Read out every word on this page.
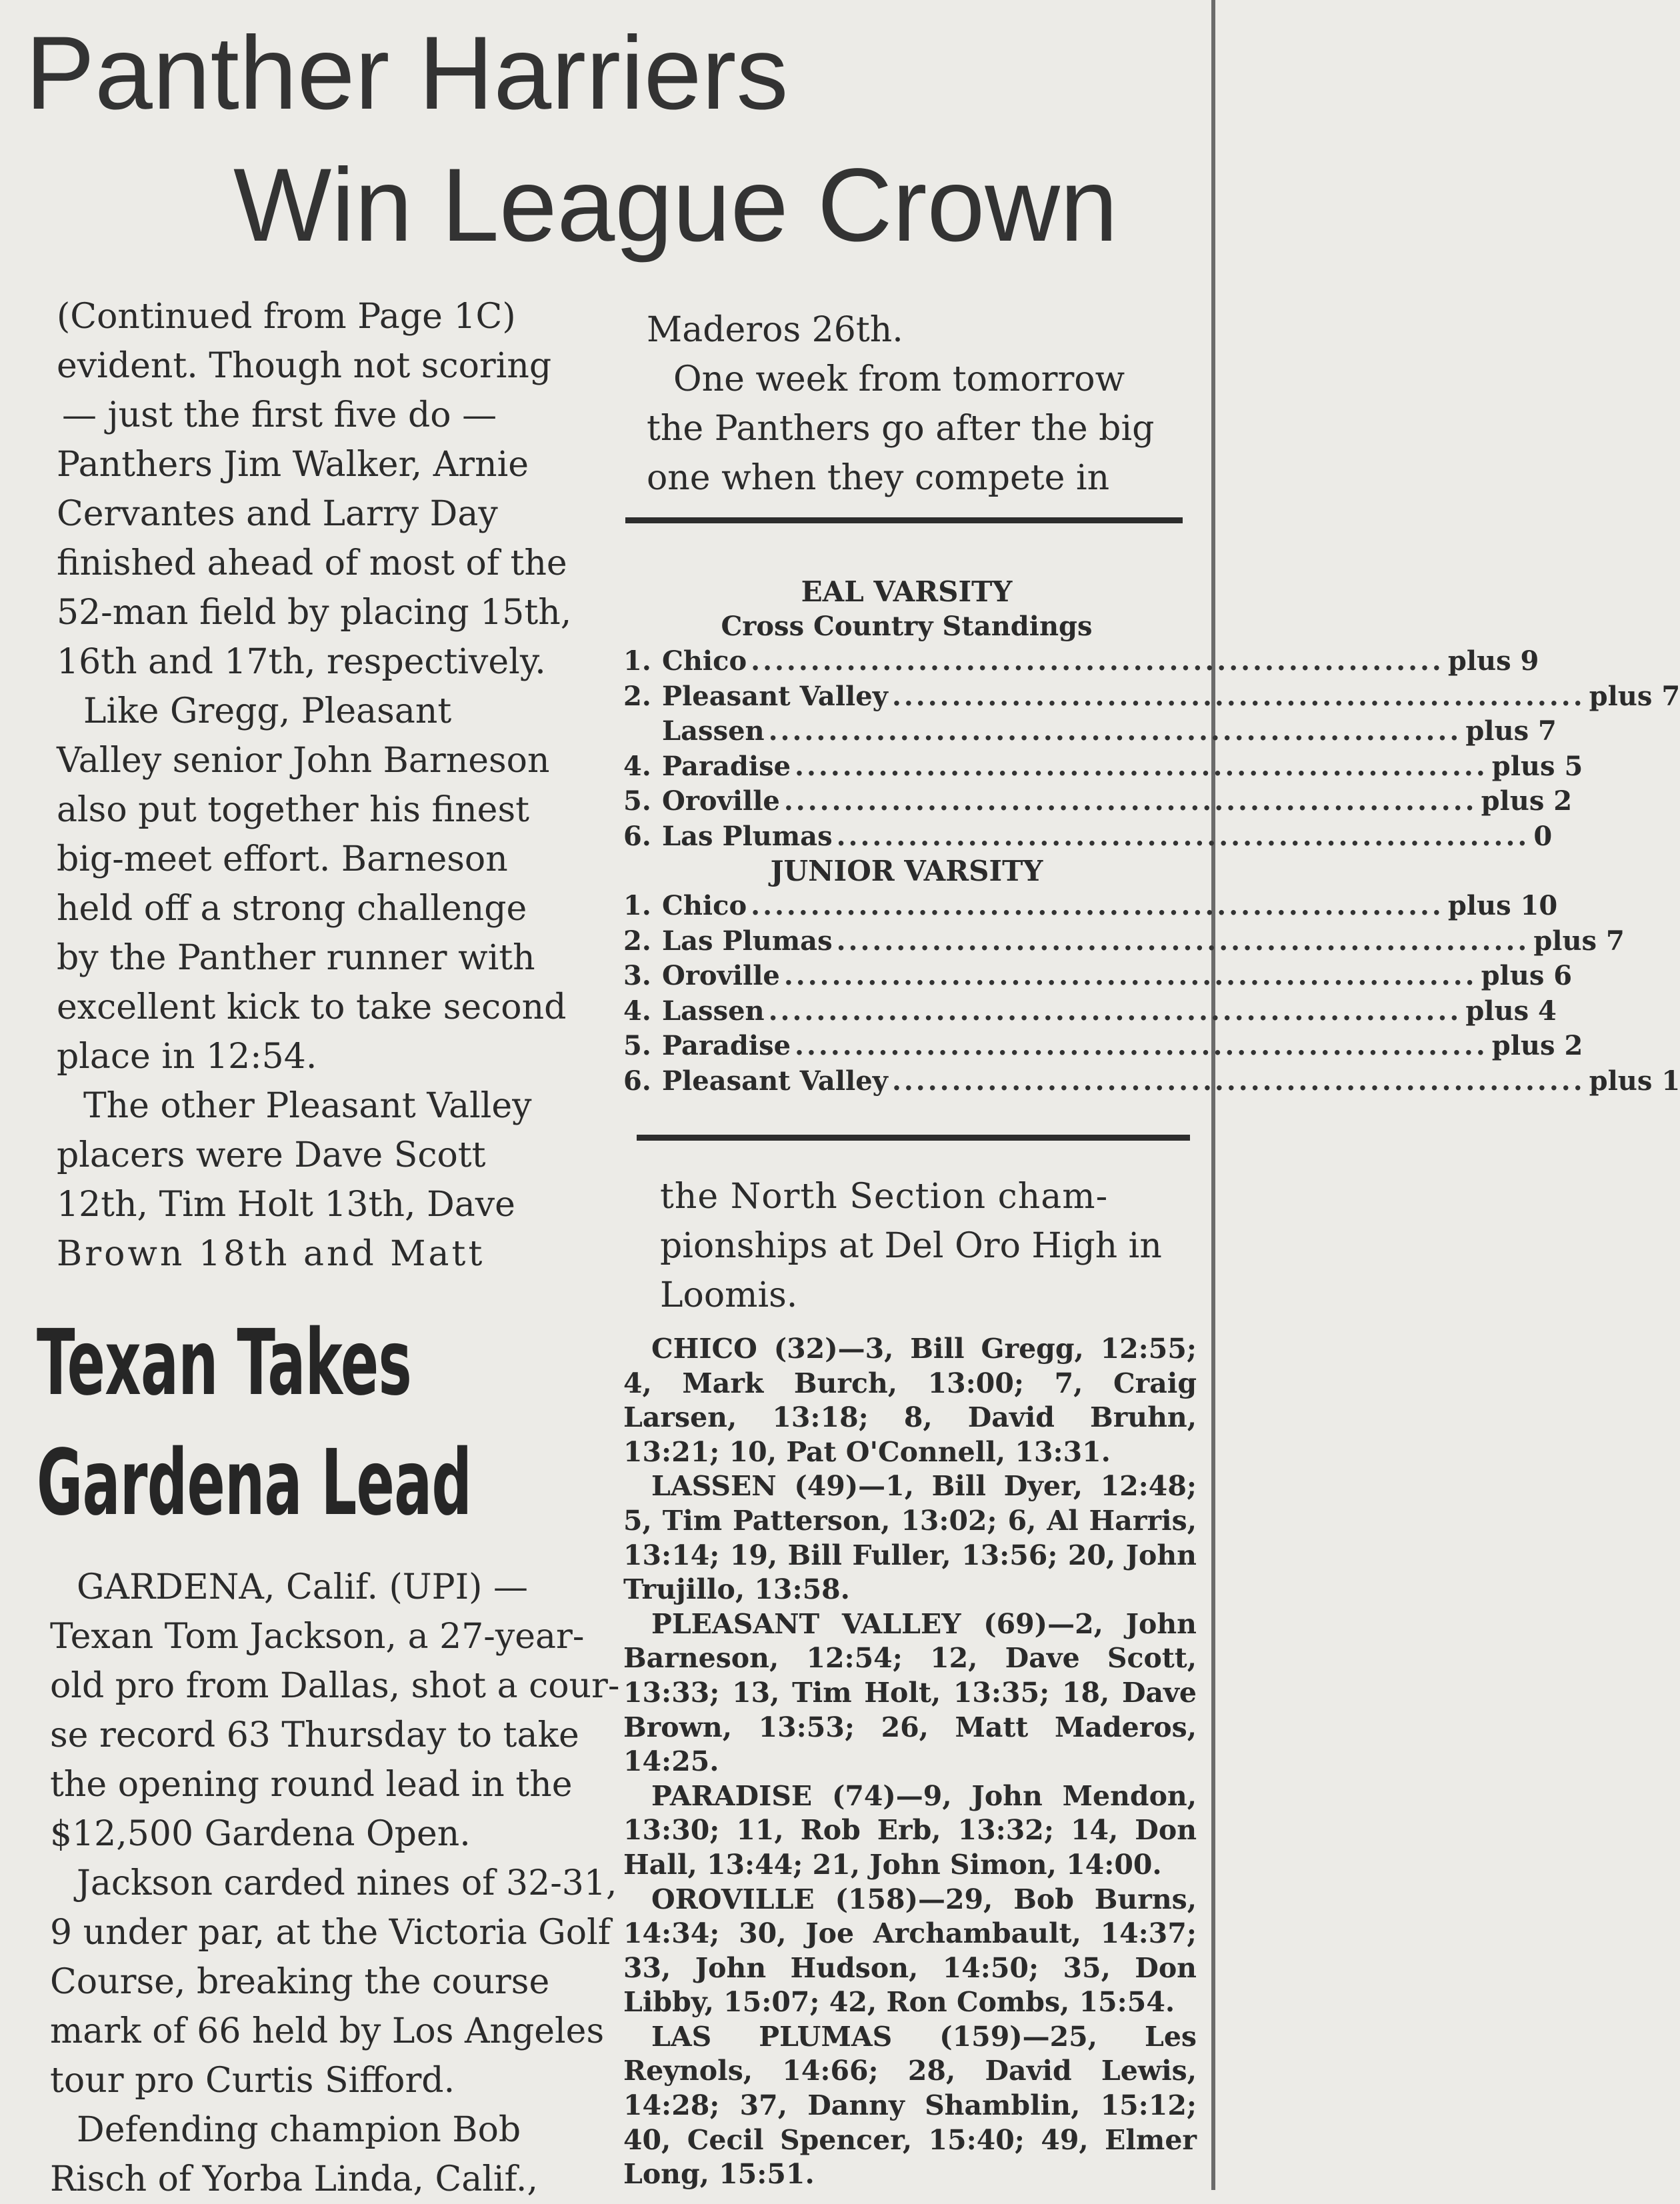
Panther Harriers
Win League Crown

(Continued from Page 1C)

evident. Though not scoring

— just the first five do —

Panthers Jim Walker, Arnie

Cervantes and Larry Day

finished ahead of most of the

52-man field by placing 15th,

16th and 17th, respectively.

Like Gregg, Pleasant

Valley senior John Barneson

also put together his finest

big-meet effort. Barneson

held off a strong challenge

by the Panther runner with

excellent kick to take second

place in 12:54.

The other Pleasant Valley

placers were Dave Scott

12th, Tim Holt 13th, Dave

Brown 18th and Matt

Maderos 26th.

One week from tomorrow

the Panthers go after the big

one when they compete in

EAL VARSITY
Cross Country Standings
1. Chico .......................................................... plus 9
2. Pleasant Valley .......................................................... plus 7
Lassen .......................................................... plus 7
4. Paradise .......................................................... plus 5
5. Oroville .......................................................... plus 2
6. Las Plumas .......................................................... 0
JUNIOR VARSITY
1. Chico .......................................................... plus 10
2. Las Plumas .......................................................... plus 7
3. Oroville .......................................................... plus 6
4. Lassen .......................................................... plus 4
5. Paradise .......................................................... plus 2
6. Pleasant Valley .......................................................... plus 1

the North Section cham-

pionships at Del Oro High in

Loomis.

CHICO (32)—3, Bill Gregg, 12:55; 4, Mark Burch, 13:00; 7, Craig Larsen, 13:18; 8, David Bruhn, 13:21; 10, Pat O'Connell, 13:31.

LASSEN (49)—1, Bill Dyer, 12:48; 5, Tim Patterson, 13:02; 6, Al Harris, 13:14; 19, Bill Fuller, 13:56; 20, John Trujillo, 13:58.

PLEASANT VALLEY (69)—2, John Barneson, 12:54; 12, Dave Scott, 13:33; 13, Tim Holt, 13:35; 18, Dave Brown, 13:53; 26, Matt Maderos, 14:25.

PARADISE (74)—9, John Mendon, 13:30; 11, Rob Erb, 13:32; 14, Don Hall, 13:44; 21, John Simon, 14:00.

OROVILLE (158)—29, Bob Burns, 14:34; 30, Joe Archambault, 14:37; 33, John Hudson, 14:50; 35, Don Libby, 15:07; 42, Ron Combs, 15:54.

LAS PLUMAS (159)—25, Les Reynols, 14:66; 28, David Lewis, 14:28; 37, Danny Shamblin, 15:12; 40, Cecil Spencer, 15:40; 49, Elmer Long, 15:51.

Texan Takes
Gardena Lead

GARDENA, Calif. (UPI) —

Texan Tom Jackson, a 27-year-

old pro from Dallas, shot a cour-

se record 63 Thursday to take

the opening round lead in the

$12,500 Gardena Open.

Jackson carded nines of 32-31,

9 under par, at the Victoria Golf

Course, breaking the course

mark of 66 held by Los Angeles

tour pro Curtis Sifford.

Defending champion Bob

Risch of Yorba Linda, Calif.,
